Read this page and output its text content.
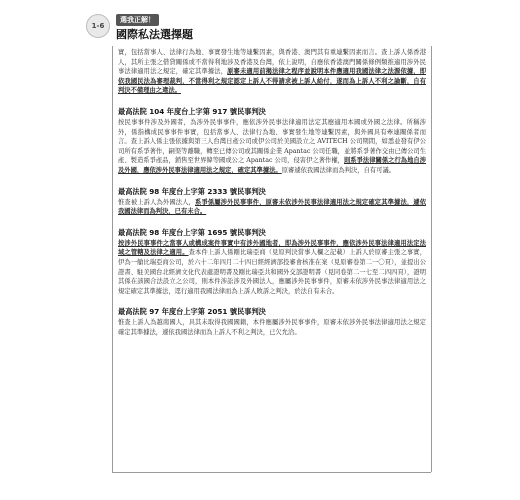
1-6
選我正解！
國際私法選擇題

實，包括當事人、法律行為地、事實發生地等連繫因素，與香港、澳門其有重連繫因素而言。查上訴人係香港人，其所主張之借貸關係或不當得利地涉及香港及台灣，依上說明，自應依香港澳門關係條例類推適用涉外民事法律適用法之規定，確定其準據法，原審未適用前揭法律之程序並說明本件應適用我國法律之法源依據，即依我國民法為審理裁判，不當得利之規定認定上訴人不得請求被上訴人給付，遂而為上訴人不利之論斷，自有判決不備理由之違法。

最高法院 104 年度台上字第 917 號民事判決

按民事事件涉及外國者，為涉外民事事件，應依涉外民事法律適用法定其應適用本國或外國之法律。所稱涉外，係指構成民事事件事實，包括當事人、法律行為地、事實發生地等連繫因素，與外國具有牽連關係者而言。查上訴人係主張依據與第三人台灣日產公司或伊公司於美國設立之 AVITECH 公司期間，如悉並發有伊公司所有系爭著作，嗣渠等離職，轉至已傳公司或其關係企業 Apantac 公司任職，並將系爭著作交由已傳公司生產、製造系爭產品，銷售至世界韓等國或公之 Apantac 公司，侵害伊之著作權，則系爭法律關係之行為地自涉及外國，應依涉外民事法律適用法之規定，確定其準據法。原審遽依我國法律而為判決，自有可議。

最高法院 98 年度台上字第 2333 號民事判決

惟查被上訴人為外國法人，系爭係屬涉外民事事件，原審未依涉外民事法律適用法之規定確定其準據法，遽依我國法律而為判決，已有未合。

最高法院 98 年度台上字第 1695 號民事判決

按涉外民事事件之當事人或構成案件事實中有涉外國地者，即為涉外民事事件，應依涉外民事法律適用法定法域之管轄及法律之適用。查本件上訴人係剛比瑞亞商（見原判決當事人欄之記載）上訴人於原審主張之事實，伊為一艙比瑞亞商公司，於六十二年四月二十四日經經濟部投審會核准在案（見原審卷第二一〇頁），並提出公證書、駐美國台北經濟文化代表處證明書及剛比瑞亞共和國外交部證明書（見同卷第二一七至二四四頁），證明其係在該國合法設立之公司，則本件涉訟涉及外國法人，應屬涉外民事事件，原審未依涉外民事法律適用法之規定確定其準據法，逕行適用我國法律而為上訴人敗訴之判決，於法自有未合。

最高法院 97 年度台上字第 2051 號民事判決

惟查上訴人為越南國人，具其未取得我國國籍，本件應屬涉外民事事件，原審未依涉外民事法律適用法之規定確定其準據法，遽依我國法律而為上訴人不利之判決，已欠允洽。
